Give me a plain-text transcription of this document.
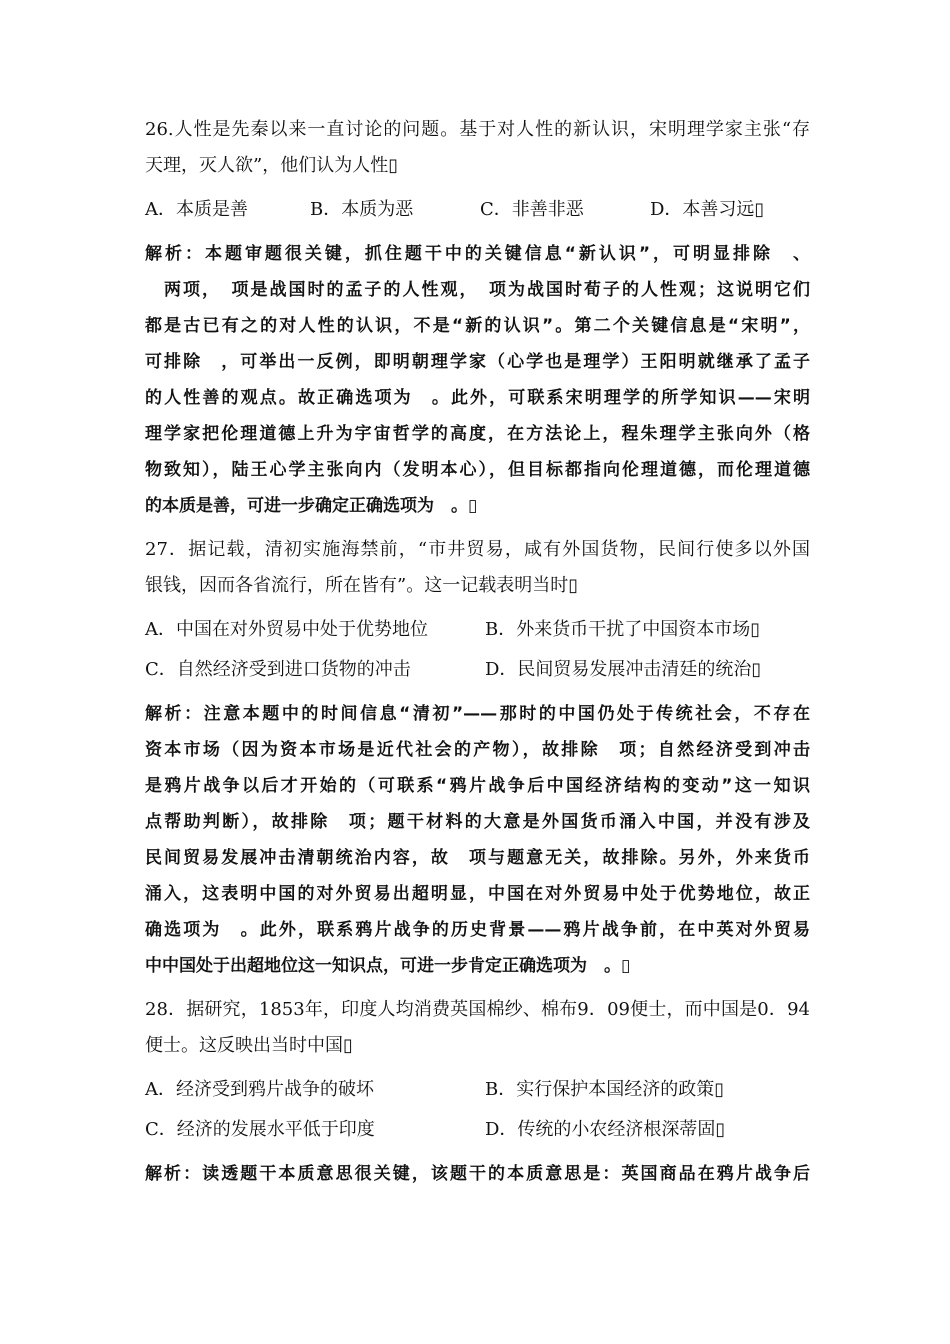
26.人性是先秦以来一直讨论的问题。基于对人性的新认识，宋明理学家主张“存
天理，灭人欲”，他们认为人性▯
A．本质是善	B．本质为恶	C．非善非恶	D．本善习远▯
解析：本题审题很关键，抓住题干中的关键信息“新认识”，可明显排除　、
　两项，　项是战国时的孟子的人性观，　项为战国时荀子的人性观；这说明它们
都是古已有之的对人性的认识，不是“新的认识”。第二个关键信息是“宋明”，
可排除　，可举出一反例，即明朝理学家（心学也是理学）王阳明就继承了孟子
的人性善的观点。故正确选项为　。此外，可联系宋明理学的所学知识——宋明
理学家把伦理道德上升为宇宙哲学的高度，在方法论上，程朱理学主张向外（格
物致知），陆王心学主张向内（发明本心），但目标都指向伦理道德，而伦理道德
的本质是善，可进一步确定正确选项为　。▯
27．据记载，清初实施海禁前，“市井贸易，咸有外国货物，民间行使多以外国
银钱，因而各省流行，所在皆有”。这一记载表明当时▯
A．中国在对外贸易中处于优势地位	B．外来货币干扰了中国资本市场▯
C．自然经济受到进口货物的冲击	D．民间贸易发展冲击清廷的统治▯
解析：注意本题中的时间信息“清初”——那时的中国仍处于传统社会，不存在
资本市场（因为资本市场是近代社会的产物），故排除　项；自然经济受到冲击
是鸦片战争以后才开始的（可联系“鸦片战争后中国经济结构的变动”这一知识
点帮助判断），故排除　项；题干材料的大意是外国货币涌入中国，并没有涉及
民间贸易发展冲击清朝统治内容，故　项与题意无关，故排除。另外，外来货币
涌入，这表明中国的对外贸易出超明显，中国在对外贸易中处于优势地位，故正
确选项为　。此外，联系鸦片战争的历史背景——鸦片战争前，在中英对外贸易
中中国处于出超地位这一知识点，可进一步肯定正确选项为　。▯
28．据研究，1853年，印度人均消费英国棉纱、棉布9．09便士，而中国是0．94
便士。这反映出当时中国▯
A．经济受到鸦片战争的破坏	B．实行保护本国经济的政策▯
C．经济的发展水平低于印度	D．传统的小农经济根深蒂固▯
解析：读透题干本质意思很关键，该题干的本质意思是：英国商品在鸦片战争后
